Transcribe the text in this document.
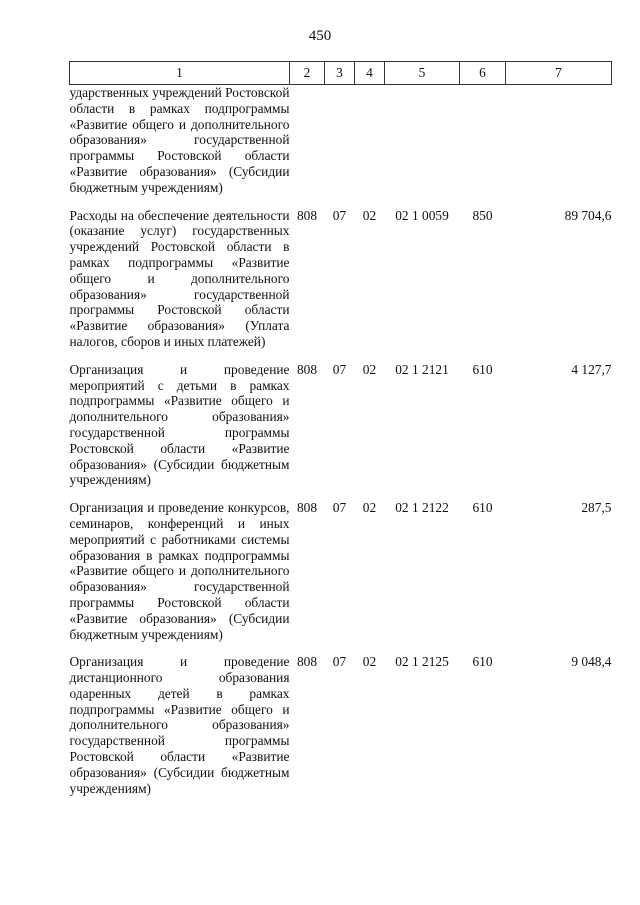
450
1	2	3	4	5	6	7
ударственных учреждений Ростовской области в рамках подпрограммы «Развитие общего и дополнительного образования» государственной программы Ростовской области «Развитие образования» (Субсидии бюджетным учреждениям)						
Расходы на обеспечение деятельности (оказание услуг) государственных учреждений Ростовской области в рамках подпрограммы «Развитие общего и дополнительного образования» государственной программы Ростовской области «Развитие образования» (Уплата налогов, сборов и иных платежей)	808	07	02	02 1 0059	850	89 704,6
Организация и проведение мероприятий с детьми в рамках подпрограммы «Развитие общего и дополнительного образования» государственной программы Ростовской области «Развитие образования» (Субсидии бюджетным учреждениям)	808	07	02	02 1 2121	610	4 127,7
Организация и проведение конкурсов, семинаров, конференций и иных мероприятий с работниками системы образования в рамках подпрограммы «Развитие общего и дополнительного образования» государственной программы Ростовской области «Развитие образования» (Субсидии бюджетным учреждениям)	808	07	02	02 1 2122	610	287,5
Организация и проведение дистанционного образования одаренных детей в рамках подпрограммы «Развитие общего и дополнительного образования» государственной программы Ростовской области «Развитие образования» (Субсидии бюджетным учреждениям)	808	07	02	02 1 2125	610	9 048,4
